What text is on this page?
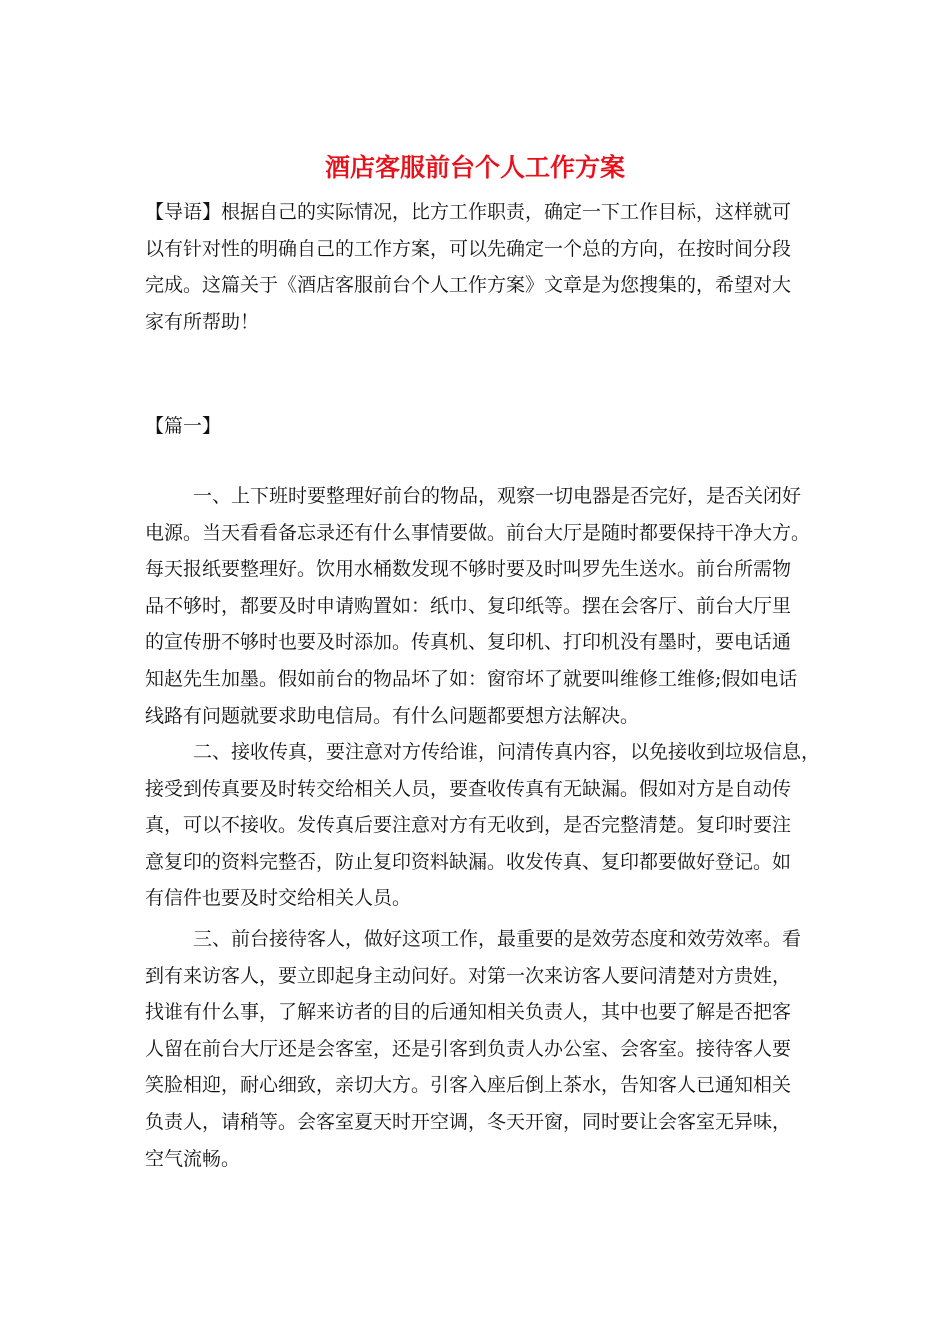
酒店客服前台个人工作方案
【导语】根据自己的实际情况，比方工作职责，确定一下工作目标，这样就可
以有针对性的明确自己的工作方案，可以先确定一个总的方向，在按时间分段
完成。这篇关于《酒店客服前台个人工作方案》文章是为您搜集的，希望对大
家有所帮助！
【篇一】
一、上下班时要整理好前台的物品，观察一切电器是否完好，是否关闭好
电源。当天看看备忘录还有什么事情要做。前台大厅是随时都要保持干净大方。
每天报纸要整理好。饮用水桶数发现不够时要及时叫罗先生送水。前台所需物
品不够时，都要及时申请购置如：纸巾、复印纸等。摆在会客厅、前台大厅里
的宣传册不够时也要及时添加。传真机、复印机、打印机没有墨时，要电话通
知赵先生加墨。假如前台的物品坏了如：窗帘坏了就要叫维修工维修;假如电话
线路有问题就要求助电信局。有什么问题都要想方法解决。
二、接收传真，要注意对方传给谁，问清传真内容，以免接收到垃圾信息，
接受到传真要及时转交给相关人员，要查收传真有无缺漏。假如对方是自动传
真，可以不接收。发传真后要注意对方有无收到，是否完整清楚。复印时要注
意复印的资料完整否，防止复印资料缺漏。收发传真、复印都要做好登记。如
有信件也要及时交给相关人员。
三、前台接待客人，做好这项工作，最重要的是效劳态度和效劳效率。看
到有来访客人，要立即起身主动问好。对第一次来访客人要问清楚对方贵姓，
找谁有什么事，了解来访者的目的后通知相关负责人，其中也要了解是否把客
人留在前台大厅还是会客室，还是引客到负责人办公室、会客室。接待客人要
笑脸相迎，耐心细致，亲切大方。引客入座后倒上茶水，告知客人已通知相关
负责人，请稍等。会客室夏天时开空调，冬天开窗，同时要让会客室无异味，
空气流畅。
